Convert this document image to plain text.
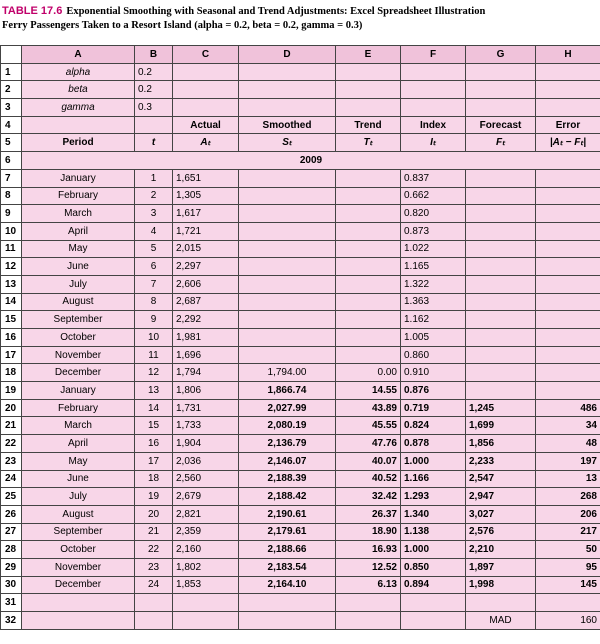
TABLE 17.6 Exponential Smoothing with Seasonal and Trend Adjustments: Excel Spreadsheet Illustration
Ferry Passengers Taken to a Resort Island (alpha = 0.2, beta = 0.2, gamma = 0.3)
	A	B	C	D	E	F	G	H
1	alpha	0.2						
2	beta	0.2						
3	gamma	0.3						
4			Actual	Smoothed	Trend	Index	Forecast	Error
5	Period	t	Aₜ	Sₜ	Tₜ	Iₜ	Fₜ	|Aₜ − Fₜ|
6	2009							
7	January	1	1,651			0.837		
8	February	2	1,305			0.662		
9	March	3	1,617			0.820		
10	April	4	1,721			0.873		
11	May	5	2,015			1.022		
12	June	6	2,297			1.165		
13	July	7	2,606			1.322		
14	August	8	2,687			1.363		
15	September	9	2,292			1.162		
16	October	10	1,981			1.005		
17	November	11	1,696			0.860		
18	December	12	1,794	1,794.00	0.00	0.910		
19	January	13	1,806	1,866.74	14.55	0.876		
20	February	14	1,731	2,027.99	43.89	0.719	1,245	486
21	March	15	1,733	2,080.19	45.55	0.824	1,699	34
22	April	16	1,904	2,136.79	47.76	0.878	1,856	48
23	May	17	2,036	2,146.07	40.07	1.000	2,233	197
24	June	18	2,560	2,188.39	40.52	1.166	2,547	13
25	July	19	2,679	2,188.42	32.42	1.293	2,947	268
26	August	20	2,821	2,190.61	26.37	1.340	3,027	206
27	September	21	2,359	2,179.61	18.90	1.138	2,576	217
28	October	22	2,160	2,188.66	16.93	1.000	2,210	50
29	November	23	1,802	2,183.54	12.52	0.850	1,897	95
30	December	24	1,853	2,164.10	6.13	0.894	1,998	145
31								
32							MAD	160
